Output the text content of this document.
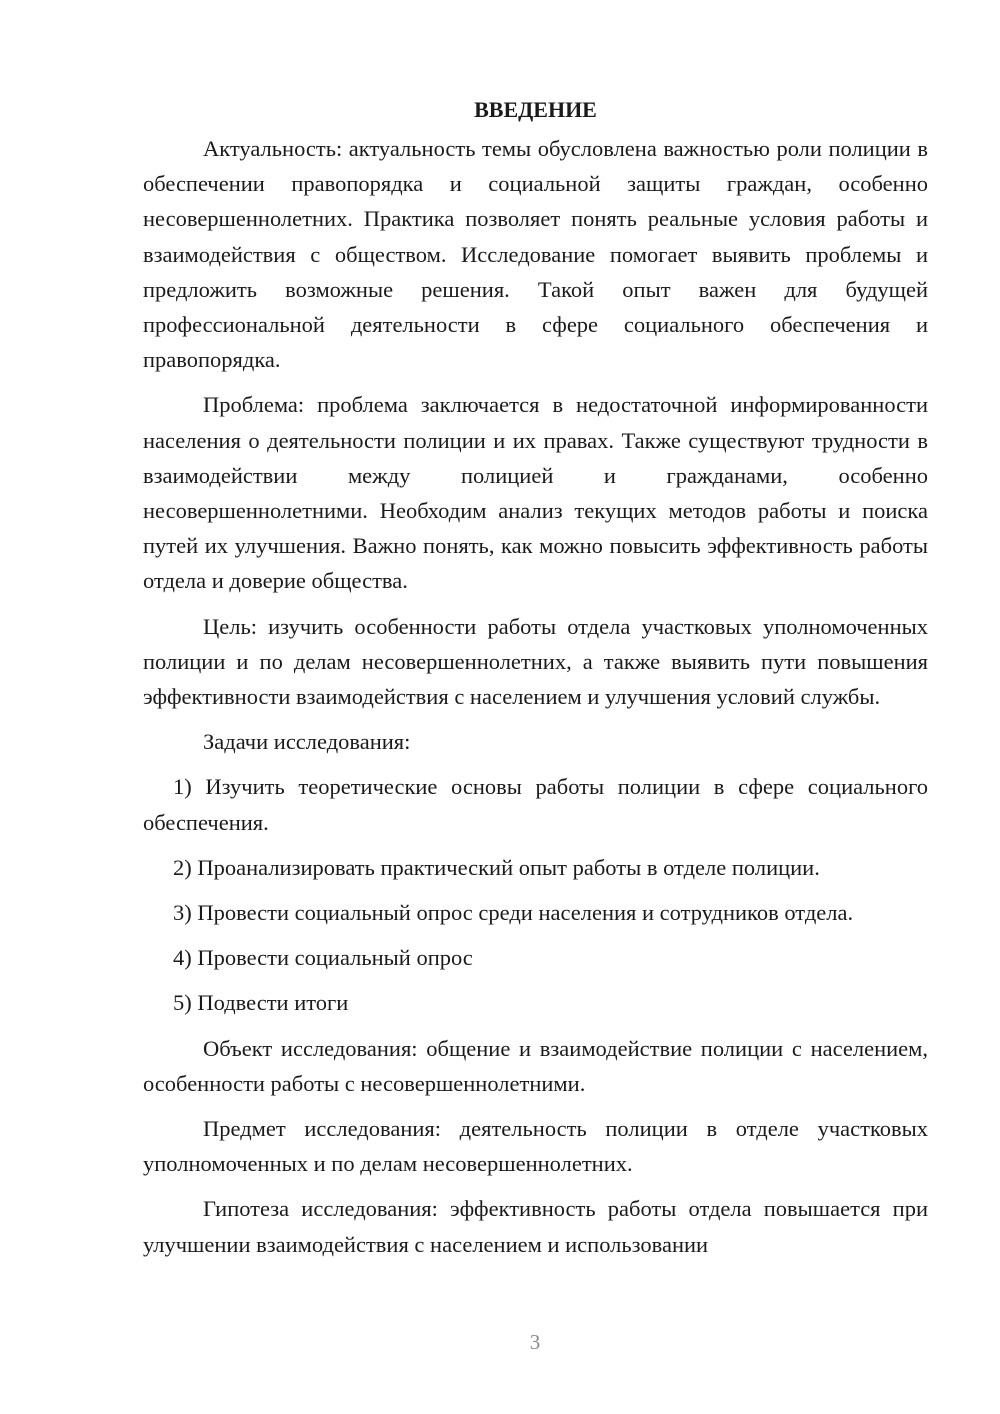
ВВЕДЕНИЕ

Актуальность: актуальность темы обусловлена важностью роли полиции в обеспечении правопорядка и социальной защиты граждан, особенно несовершеннолетних. Практика позволяет понять реальные условия работы и взаимодействия с обществом. Исследование помогает выявить проблемы и предложить возможные решения. Такой опыт важен для будущей профессиональной деятельности в сфере социального обеспечения и правопорядка.

Проблема: проблема заключается в недостаточной информированности населения о деятельности полиции и их правах. Также существуют трудности в взаимодействии между полицией и гражданами, особенно несовершеннолетними. Необходим анализ текущих методов работы и поиска путей их улучшения. Важно понять, как можно повысить эффективность работы отдела и доверие общества.

Цель: изучить особенности работы отдела участковых уполномоченных полиции и по делам несовершеннолетних, а также выявить пути повышения эффективности взаимодействия с населением и улучшения условий службы.

Задачи исследования:

1) Изучить теоретические основы работы полиции в сфере социального обеспечения.

2) Проанализировать практический опыт работы в отделе полиции.

3) Провести социальный опрос среди населения и сотрудников отдела.

4) Провести социальный опрос

5) Подвести итоги

Объект исследования: общение и взаимодействие полиции с населением, особенности работы с несовершеннолетними.

Предмет исследования: деятельность полиции в отделе участковых уполномоченных и по делам несовершеннолетних.

Гипотеза исследования: эффективность работы отдела повышается при улучшении взаимодействия с населением и использовании

3
